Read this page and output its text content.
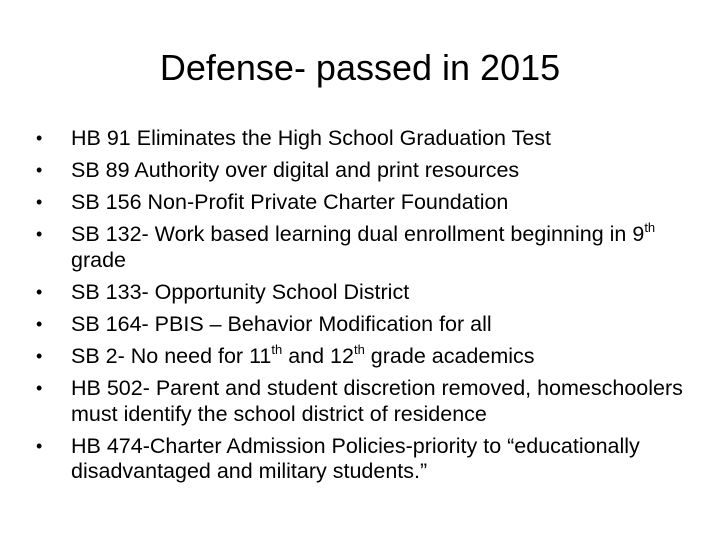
Defense- passed in 2015
•	HB 91 Eliminates the High School Graduation Test
•	SB 89 Authority over digital and print resources
•	SB 156 Non-Profit Private Charter Foundation
•	SB 132- Work based learning dual enrollment beginning in 9th grade
•	SB 133- Opportunity School District
•	SB 164- PBIS – Behavior Modification for all
•	SB 2- No need for 11th and 12th grade academics
•	HB 502- Parent and student discretion removed, homeschoolers must identify the school district of residence
•	HB 474-Charter Admission Policies-priority to “educationally disadvantaged and military students.”
